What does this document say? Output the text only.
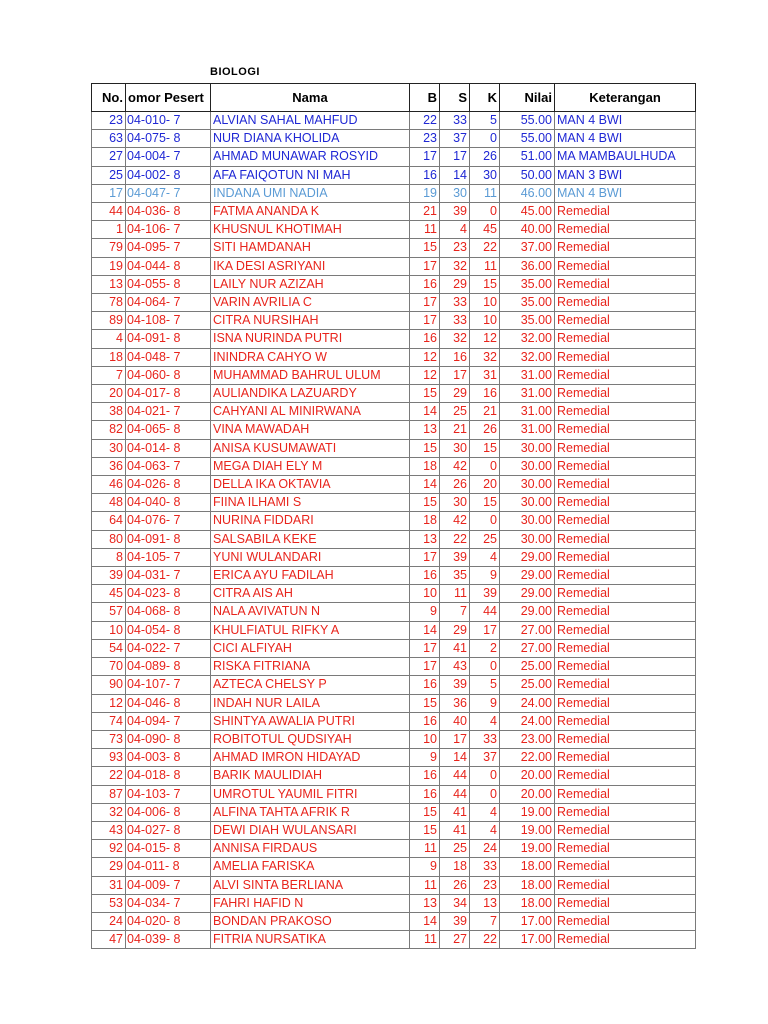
BIOLOGI
No.	omor Pesert	Nama	B	S	K	Nilai	Keterangan
23	04-010- 7	ALVIAN SAHAL MAHFUD	22	33	5	55.00	MAN 4 BWI
63	04-075- 8	NUR DIANA KHOLIDA	23	37	0	55.00	MAN 4 BWI
27	04-004- 7	AHMAD MUNAWAR ROSYID	17	17	26	51.00	MA MAMBAULHUDA
25	04-002- 8	AFA FAIQOTUN NI MAH	16	14	30	50.00	MAN 3 BWI
17	04-047- 7	INDANA UMI NADIA	19	30	11	46.00	MAN 4 BWI
44	04-036- 8	FATMA ANANDA K	21	39	0	45.00	Remedial
1	04-106- 7	KHUSNUL KHOTIMAH	11	4	45	40.00	Remedial
79	04-095- 7	SITI HAMDANAH	15	23	22	37.00	Remedial
19	04-044- 8	IKA DESI ASRIYANI	17	32	11	36.00	Remedial
13	04-055- 8	LAILY NUR AZIZAH	16	29	15	35.00	Remedial
78	04-064- 7	VARIN AVRILIA C	17	33	10	35.00	Remedial
89	04-108- 7	CITRA NURSIHAH	17	33	10	35.00	Remedial
4	04-091- 8	ISNA NURINDA PUTRI	16	32	12	32.00	Remedial
18	04-048- 7	ININDRA CAHYO W	12	16	32	32.00	Remedial
7	04-060- 8	MUHAMMAD BAHRUL ULUM	12	17	31	31.00	Remedial
20	04-017- 8	AULIANDIKA LAZUARDY	15	29	16	31.00	Remedial
38	04-021- 7	CAHYANI AL MINIRWANA	14	25	21	31.00	Remedial
82	04-065- 8	VINA MAWADAH	13	21	26	31.00	Remedial
30	04-014- 8	ANISA KUSUMAWATI	15	30	15	30.00	Remedial
36	04-063- 7	MEGA DIAH ELY M	18	42	0	30.00	Remedial
46	04-026- 8	DELLA IKA OKTAVIA	14	26	20	30.00	Remedial
48	04-040- 8	FIINA ILHAMI S	15	30	15	30.00	Remedial
64	04-076- 7	NURINA FIDDARI	18	42	0	30.00	Remedial
80	04-091- 8	SALSABILA KEKE	13	22	25	30.00	Remedial
8	04-105- 7	YUNI WULANDARI	17	39	4	29.00	Remedial
39	04-031- 7	ERICA AYU FADILAH	16	35	9	29.00	Remedial
45	04-023- 8	CITRA AIS AH	10	11	39	29.00	Remedial
57	04-068- 8	NALA AVIVATUN N	9	7	44	29.00	Remedial
10	04-054- 8	KHULFIATUL RIFKY A	14	29	17	27.00	Remedial
54	04-022- 7	CICI ALFIYAH	17	41	2	27.00	Remedial
70	04-089- 8	RISKA FITRIANA	17	43	0	25.00	Remedial
90	04-107- 7	AZTECA CHELSY P	16	39	5	25.00	Remedial
12	04-046- 8	INDAH NUR LAILA	15	36	9	24.00	Remedial
74	04-094- 7	SHINTYA AWALIA PUTRI	16	40	4	24.00	Remedial
73	04-090- 8	ROBITOTUL QUDSIYAH	10	17	33	23.00	Remedial
93	04-003- 8	AHMAD IMRON HIDAYAD	9	14	37	22.00	Remedial
22	04-018- 8	BARIK MAULIDIAH	16	44	0	20.00	Remedial
87	04-103- 7	UMROTUL YAUMIL FITRI	16	44	0	20.00	Remedial
32	04-006- 8	ALFINA TAHTA AFRIK R	15	41	4	19.00	Remedial
43	04-027- 8	DEWI DIAH WULANSARI	15	41	4	19.00	Remedial
92	04-015- 8	ANNISA FIRDAUS	11	25	24	19.00	Remedial
29	04-011- 8	AMELIA FARISKA	9	18	33	18.00	Remedial
31	04-009- 7	ALVI SINTA BERLIANA	11	26	23	18.00	Remedial
53	04-034- 7	FAHRI HAFID N	13	34	13	18.00	Remedial
24	04-020- 8	BONDAN PRAKOSO	14	39	7	17.00	Remedial
47	04-039- 8	FITRIA NURSATIKA	11	27	22	17.00	Remedial
